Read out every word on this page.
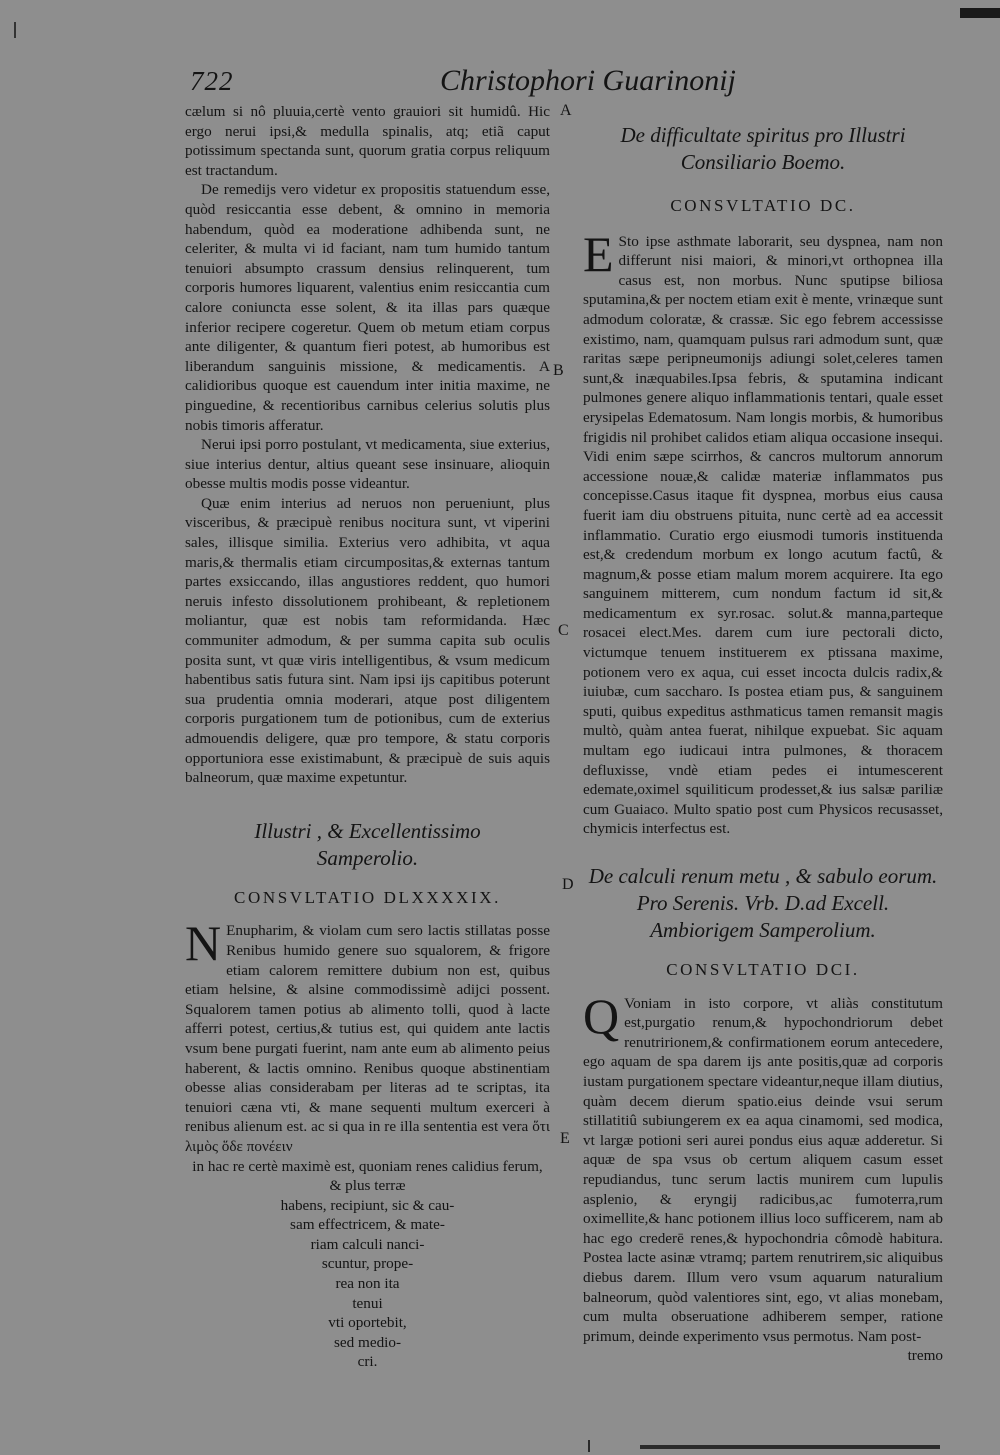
722	Christophori Guarinonij
A
B
C
D
E

cælum si nô pluuia,certè vento grauiori sit humidû. Hic ergo nerui ipsi,& medulla spinalis, atq; etiã caput potissimum spectanda sunt, quorum gratia corpus reliquum est tractandum.

De remedijs vero videtur ex propositis statuendum esse, quòd resiccantia esse debent, & omnino in memoria habendum, quòd ea moderatione adhibenda sunt, ne celeriter, & multa vi id faciant, nam tum humido tantum tenuiori absumpto crassum densius relinquerent, tum corporis humores liquarent, valentius enim resiccantia cum calore coniuncta esse solent, & ita illas pars quæque inferior recipere cogeretur. Quem ob metum etiam corpus ante diligenter, & quantum fieri potest, ab humoribus est liberandum sanguinis missione, & medicamentis. A calidioribus quoque est cauendum inter initia maxime, ne pinguedine, & recentioribus carnibus celerius solutis plus nobis timoris afferatur.

Nerui ipsi porro postulant, vt medicamenta, siue exterius, siue interius dentur, altius queant sese insinuare, alioquin obesse multis modis posse videantur.

Quæ enim interius ad neruos non perueniunt, plus visceribus, & præcipuè renibus nocitura sunt, vt viperini sales, illisque similia. Exterius vero adhibita, vt aqua maris,& thermalis etiam circumpositas,& externas tantum partes exsiccando, illas angustiores reddent, quo humori neruis infesto dissolutionem prohibeant, & repletionem moliantur, quæ est nobis tam reformidanda. Hæc communiter admodum, & per summa capita sub oculis posita sunt, vt quæ viris intelligentibus, & vsum medicum habentibus satis futura sint. Nam ipsi ijs capitibus poterunt sua prudentia omnia moderari, atque post diligentem corporis purgationem tum de potionibus, cum de exterius admouendis deligere, quæ pro tempore, & statu corporis opportuniora esse existimabunt, & præcipuè de suis aquis balneorum, quæ maxime expetuntur.

Illustri , & Excellentissimo

Samperolio.

CONSVLTATIO DLXXXXIX.

N Enupharim, & violam cum sero lactis stillatas posse Renibus humido genere suo squalorem, & frigore etiam calorem remittere dubium non est, quibus etiam helsine, & alsine commodissimè adijci possent. Squalorem tamen potius ab alimento tolli, quod à lacte afferri potest, certius,& tutius est, qui quidem ante lactis vsum bene purgati fuerint, nam ante eum ab alimento peius haberent, & lactis omnino. Renibus quoque abstinentiam obesse alias considerabam per literas ad te scriptas, ita tenuiori cæna vti, & mane sequenti multum exerceri à renibus alienum est. ac si qua in re illa sententia est vera ὅτι λιμὸς ὅδε πονέειν

in hac re certè maximè est, quoniam renes calidius ferum, & plus terræ

habens, recipiunt, sic & cau-

sam effectricem, & mate-

riam calculi nanci-

scuntur, prope-

rea non ita

tenui

vti oportebit,

sed medio-

cri.

De difficultate spiritus pro Illustri

Consiliario Boemo.

CONSVLTATIO DC.

E Sto ipse asthmate laborarit, seu dyspnea, nam non differunt nisi maiori, & minori,vt orthopnea illa casus est, non morbus. Nunc sputipse biliosa sputamina,& per noctem etiam exit è mente, vrinæque sunt admodum coloratæ, & crassæ. Sic ego febrem accessisse existimo, nam, quamquam pulsus rari admodum sunt, quæ raritas sæpe peripneumonijs adiungi solet,celeres tamen sunt,& inæquabiles.Ipsa febris, & sputamina indicant pulmones genere aliquo inflammationis tentari, quale esset erysipelas Edematosum. Nam longis morbis, & humoribus frigidis nil prohibet calidos etiam aliqua occasione insequi. Vidi enim sæpe scirrhos, & cancros multorum annorum accessione nouæ,& calidæ materiæ inflammatos pus concepisse.Casus itaque fit dyspnea, morbus eius causa fuerit iam diu obstruens pituita, nunc certè ad ea accessit inflammatio. Curatio ergo eiusmodi tumoris instituenda est,& credendum morbum ex longo acutum factû, & magnum,& posse etiam malum morem acquirere. Ita ego sanguinem mitterem, cum nondum factum id sit,& medicamentum ex syr.rosac. solut.& manna,parteque rosacei elect.Mes. darem cum iure pectorali dicto, victumque tenuem instituerem ex ptissana maxime, potionem vero ex aqua, cui esset incocta dulcis radix,& iuiubæ, cum saccharo. Is postea etiam pus, & sanguinem sputi, quibus expeditus asthmaticus tamen remansit magis multò, quàm antea fuerat, nihilque expuebat. Sic aquam multam ego iudicaui intra pulmones, & thoracem defluxisse, vndè etiam pedes ei intumescerent edemate,oximel squiliticum prodesset,& ius salsæ pariliæ cum Guaiaco. Multo spatio post cum Physicos recusasset, chymicis interfectus est.

De calculi renum metu , & sabulo eorum.

Pro Serenis. Vrb. D.ad Excell.

Ambiorigem Samperolium.

CONSVLTATIO DCI.

Q Voniam in isto corpore, vt aliàs constitutum est,purgatio renum,& hypochondriorum debet renutririonem,& confirmationem eorum antecedere, ego aquam de spa darem ijs ante positis,quæ ad corporis iustam purgationem spectare videantur,neque illam diutius, quàm decem dierum spatio.eius deinde vsui serum stillatitiû subiungerem ex ea aqua cinamomi, sed modica, vt largæ potioni seri aurei pondus eius aquæ adderetur. Si aquæ de spa vsus ob certum aliquem casum esset repudiandus, tunc serum lactis munirem cum lupulis asplenio, & eryngij radicibus,ac fumoterra,rum oximellite,& hanc potionem illius loco sufficerem, nam ab hac ego crederē renes,& hypochondria cômodè habitura. Postea lacte asinæ vtramq; partem renutrirem,sic aliquibus diebus darem. Illum vero vsum aquarum naturalium balneorum, quòd valentiores sint, ego, vt alias monebam, cum multa obseruatione adhiberem semper, ratione primum, deinde experimento vsus permotus. Nam post-

tremo
